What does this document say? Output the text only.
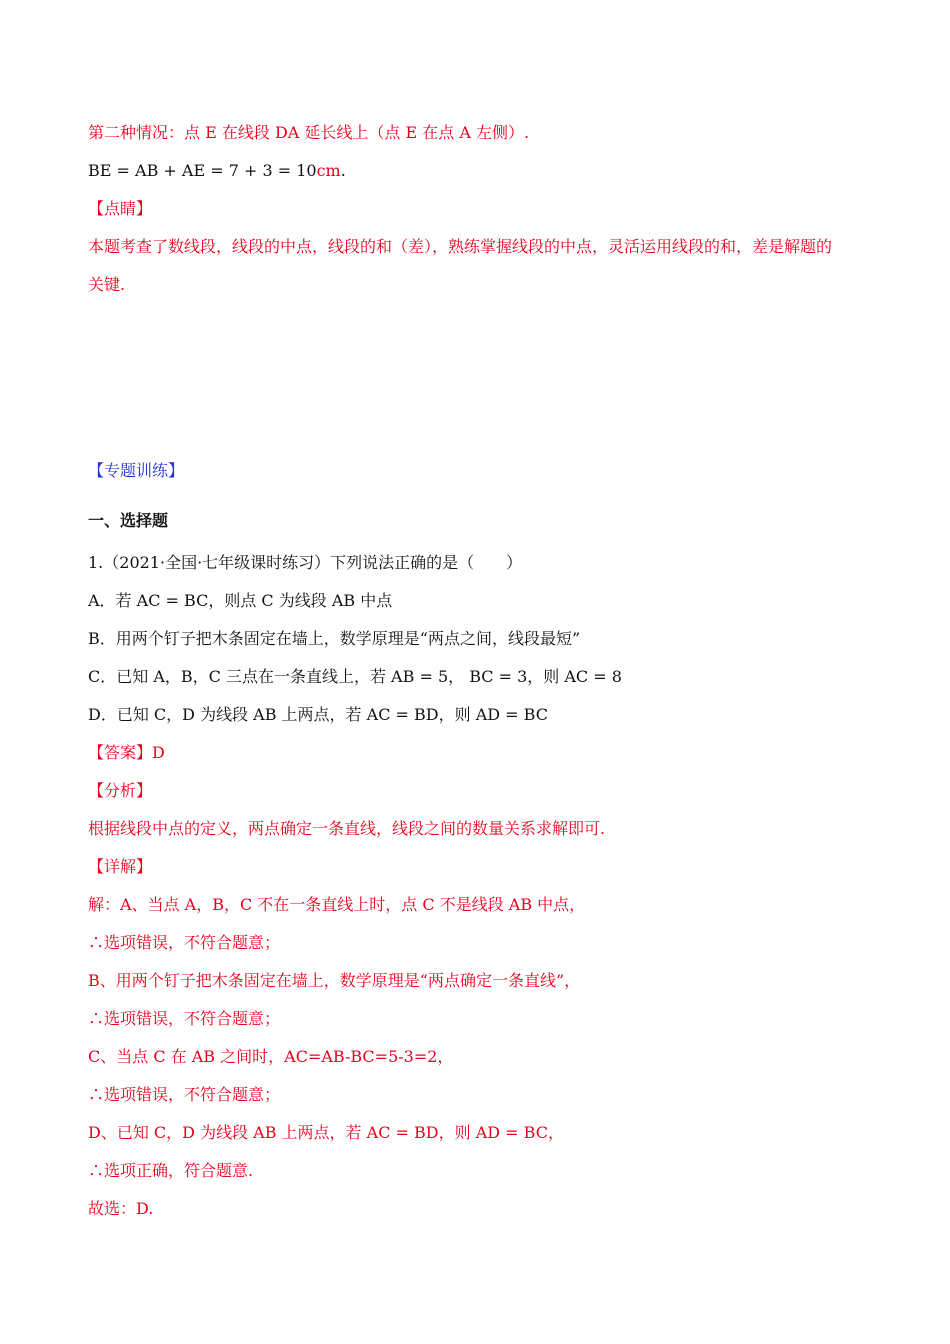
第二种情况：点 E 在线段 DA 延长线上（点 E 在点 A 左侧）.
BE = AB + AE = 7 + 3 = 10cm.
【点睛】
本题考查了数线段，线段的中点，线段的和（差），熟练掌握线段的中点，灵活运用线段的和，差是解题的
关键.
【专题训练】
一、选择题
1.（2021·全国·七年级课时练习）下列说法正确的是（　　）
A．若 AC = BC，则点 C 为线段 AB 中点
B．用两个钉子把木条固定在墙上，数学原理是“两点之间，线段最短”
C．已知 A，B，C 三点在一条直线上，若 AB = 5， BC = 3，则 AC = 8
D．已知 C，D 为线段 AB 上两点，若 AC = BD，则 AD = BC
【答案】D
【分析】
根据线段中点的定义，两点确定一条直线，线段之间的数量关系求解即可.
【详解】
解：A、当点 A，B，C 不在一条直线上时，点 C 不是线段 AB 中点，
∴选项错误，不符合题意；
B、用两个钉子把木条固定在墙上，数学原理是“两点确定一条直线”，
∴选项错误，不符合题意；
C、当点 C 在 AB 之间时，AC=AB-BC=5-3=2，
∴选项错误，不符合题意；
D、已知 C，D 为线段 AB 上两点，若 AC = BD，则 AD = BC，
∴选项正确，符合题意.
故选：D.
